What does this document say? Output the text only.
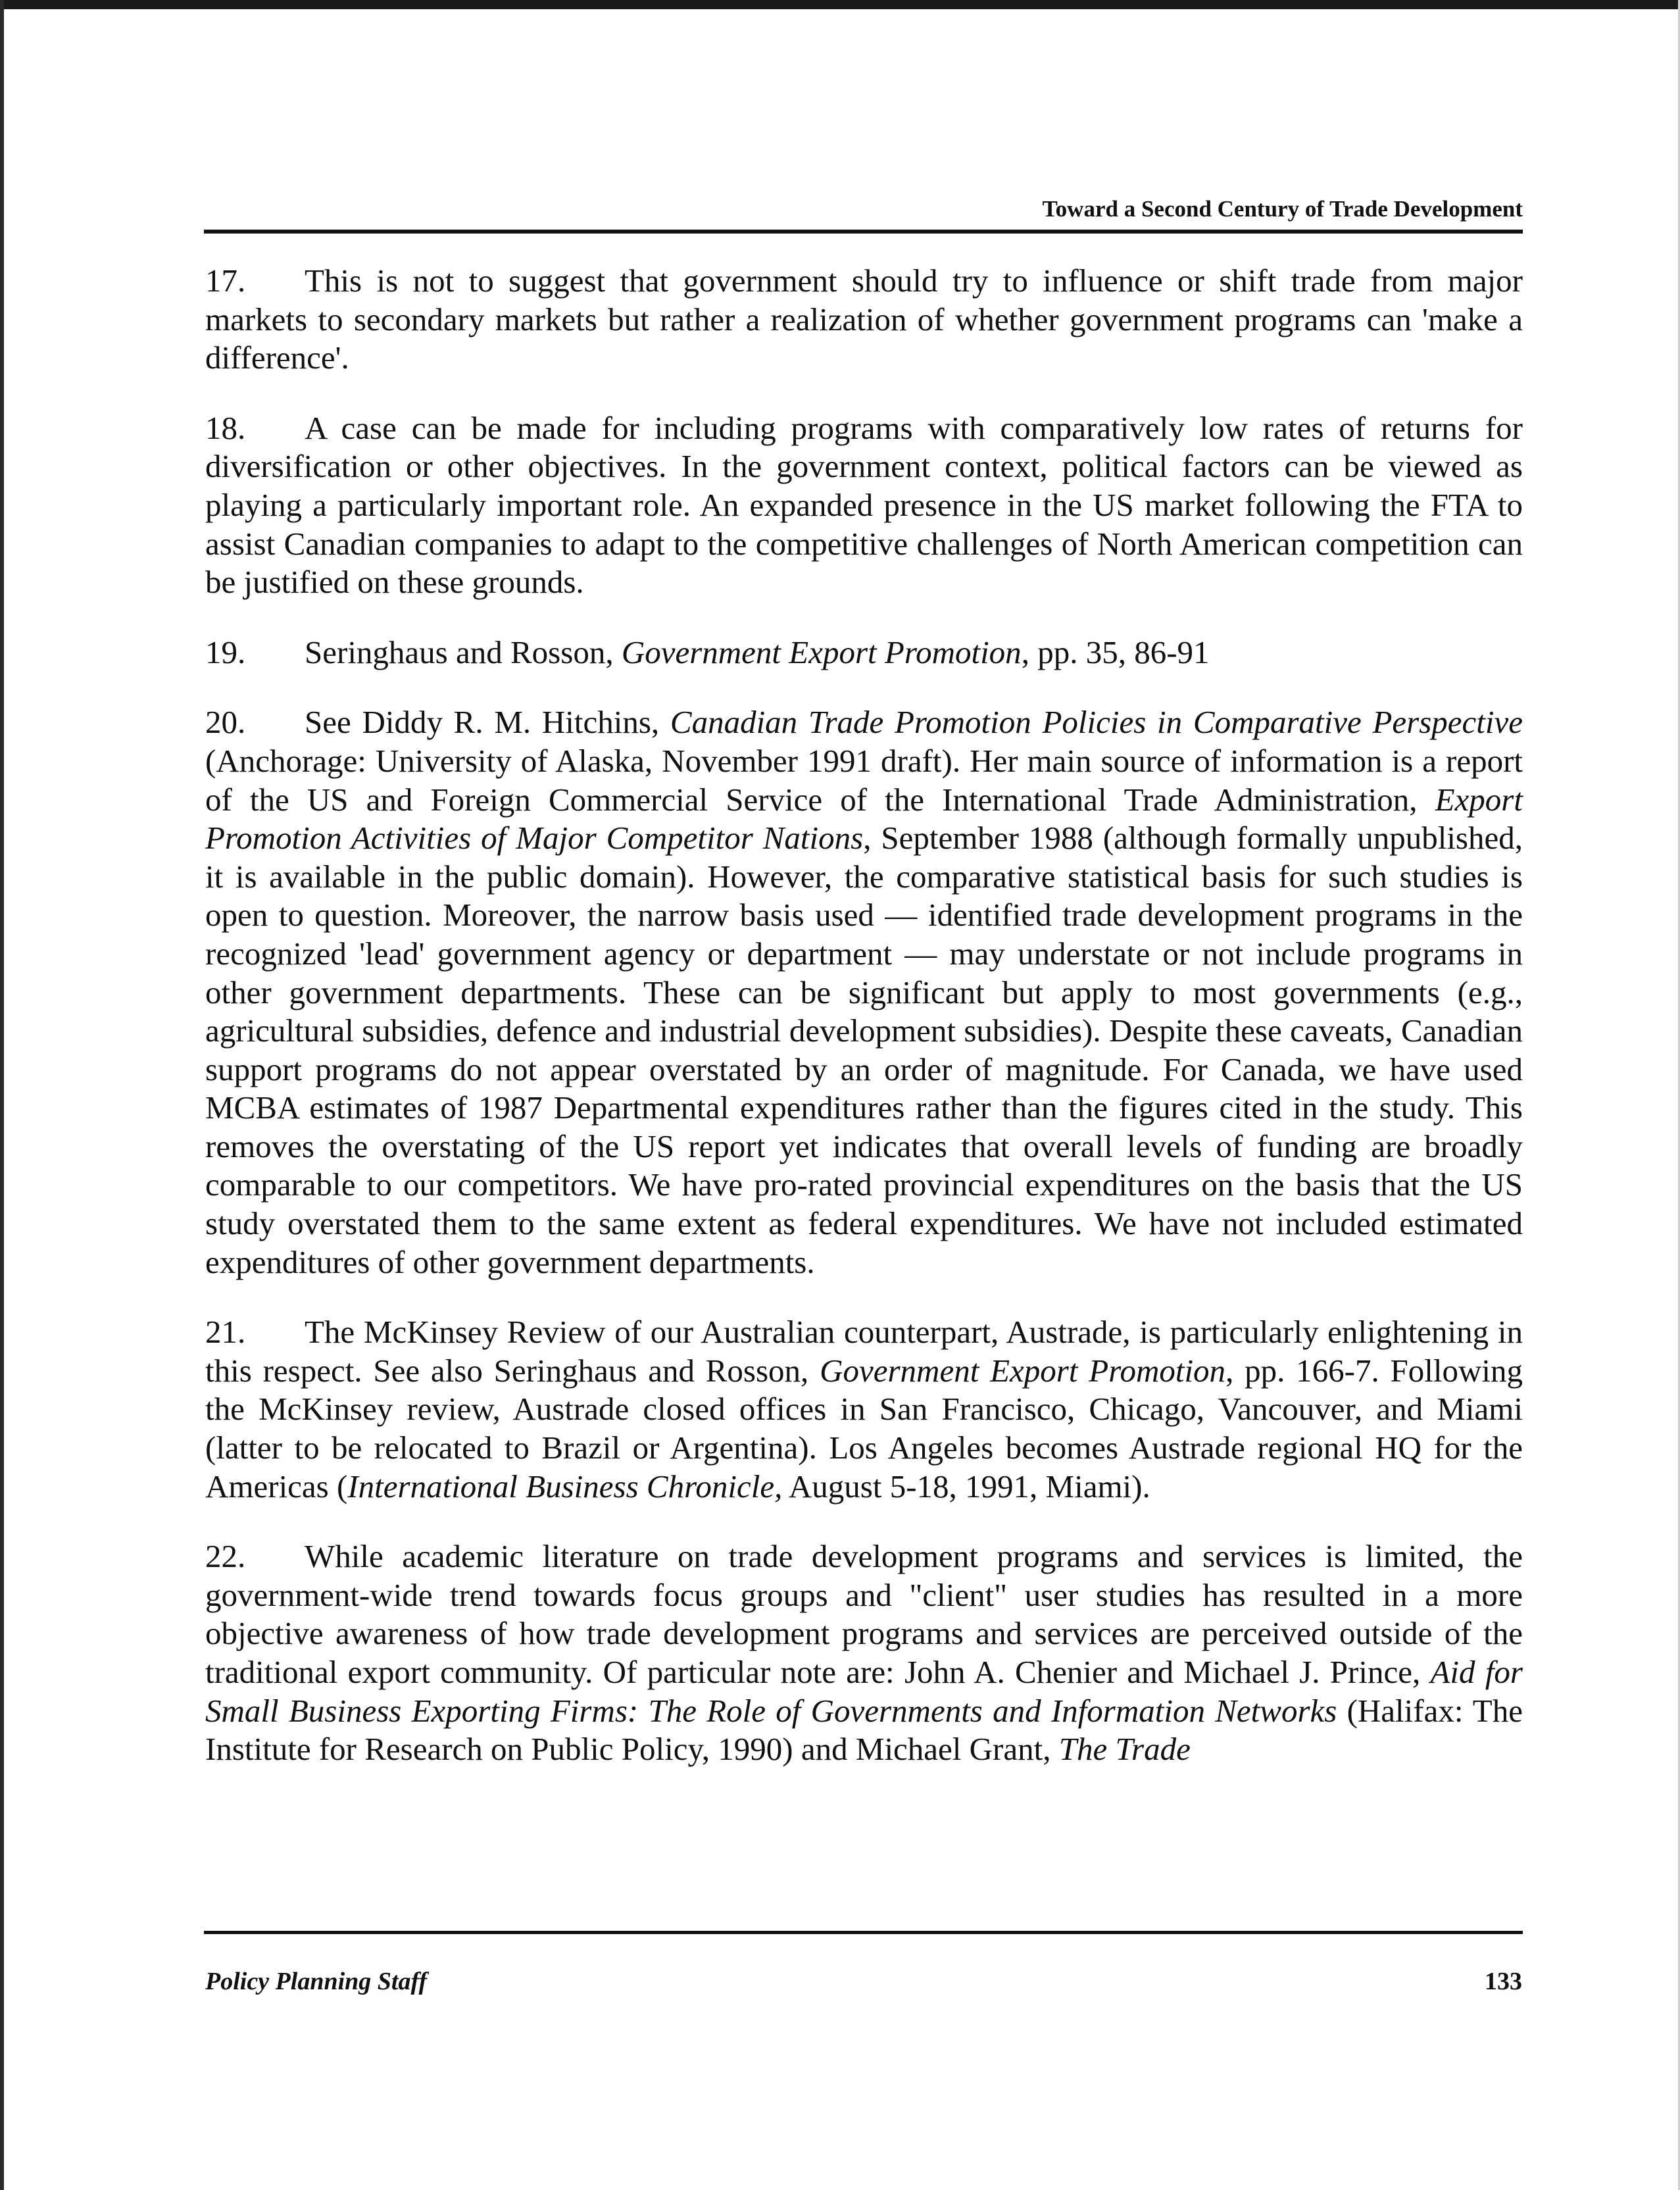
Toward a Second Century of Trade Development

17. This is not to suggest that government should try to influence or shift trade from major markets to secondary markets but rather a realization of whether government programs can 'make a difference'.

18. A case can be made for including programs with comparatively low rates of returns for diversification or other objectives. In the government context, political factors can be viewed as playing a particularly important role. An expanded presence in the US market following the FTA to assist Canadian companies to adapt to the competitive challenges of North American competition can be justified on these grounds.

19. Seringhaus and Rosson, Government Export Promotion, pp. 35, 86-91

20. See Diddy R. M. Hitchins, Canadian Trade Promotion Policies in Comparative Perspective (Anchorage: University of Alaska, November 1991 draft). Her main source of information is a report of the US and Foreign Commercial Service of the International Trade Administration, Export Promotion Activities of Major Competitor Nations, September 1988 (although formally unpublished, it is available in the public domain). However, the comparative statistical basis for such studies is open to question. Moreover, the narrow basis used — identified trade development programs in the recognized 'lead' government agency or department — may understate or not include programs in other government departments. These can be significant but apply to most governments (e.g., agricultural subsidies, defence and industrial development subsidies). Despite these caveats, Canadian support programs do not appear overstated by an order of magnitude. For Canada, we have used MCBA estimates of 1987 Departmental expenditures rather than the figures cited in the study. This removes the overstating of the US report yet indicates that overall levels of funding are broadly comparable to our competitors. We have pro-rated provincial expenditures on the basis that the US study overstated them to the same extent as federal expenditures. We have not included estimated expenditures of other government departments.

21. The McKinsey Review of our Australian counterpart, Austrade, is particularly enlightening in this respect. See also Seringhaus and Rosson, Government Export Promotion, pp. 166-7. Following the McKinsey review, Austrade closed offices in San Francisco, Chicago, Vancouver, and Miami (latter to be relocated to Brazil or Argentina). Los Angeles becomes Austrade regional HQ for the Americas (International Business Chronicle, August 5-18, 1991, Miami).

22. While academic literature on trade development programs and services is limited, the government-wide trend towards focus groups and "client" user studies has resulted in a more objective awareness of how trade development programs and services are perceived outside of the traditional export community. Of particular note are: John A. Chenier and Michael J. Prince, Aid for Small Business Exporting Firms: The Role of Governments and Information Networks (Halifax: The Institute for Research on Public Policy, 1990) and Michael Grant, The Trade

Policy Planning Staff	133
